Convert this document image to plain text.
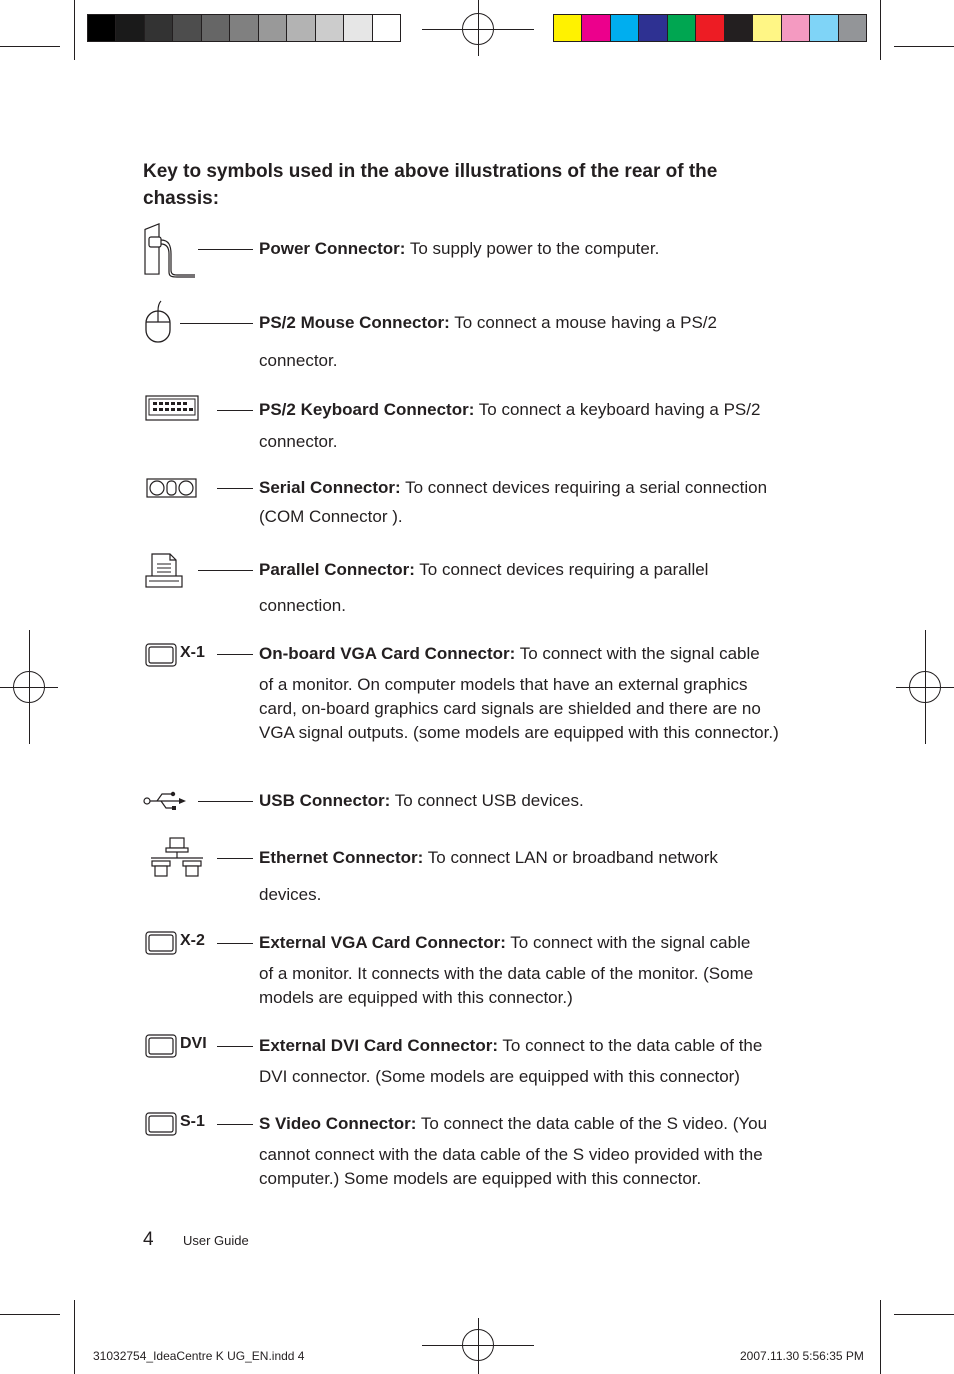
Key to symbols used in the above illustrations of the rear of the chassis:
Power Connector: To supply power to the computer.
PS/2 Mouse Connector: To connect a mouse having a PS/2
connector.
PS/2 Keyboard Connector: To connect a keyboard having a PS/2
connector.
Serial Connector: To connect devices requiring a serial connection
(COM Connector ).
Parallel Connector: To connect devices requiring a parallel
connection.
X-1	On-board VGA Card Connector: To connect with the signal cable
of a monitor. On computer models that have an external graphics card, on-board graphics card signals are shielded and there are no VGA signal outputs. (some models are equipped with this connector.)
USB Connector: To connect USB devices.
Ethernet Connector: To connect LAN or broadband network
devices.
X-2	External VGA Card Connector: To connect with the signal cable
of a monitor. It connects with the data cable of the monitor. (Some models are equipped with this connector.)
DVI	External DVI Card Connector: To connect to the data cable of the
DVI connector. (Some models are equipped with this connector)
S-1	S Video Connector: To connect the data cable of the S video. (You
cannot connect with the data cable of the S video provided with the computer.) Some models are equipped with this connector.
4 User Guide
31032754_IdeaCentre K UG_EN.indd 4	2007.11.30 5:56:35 PM
